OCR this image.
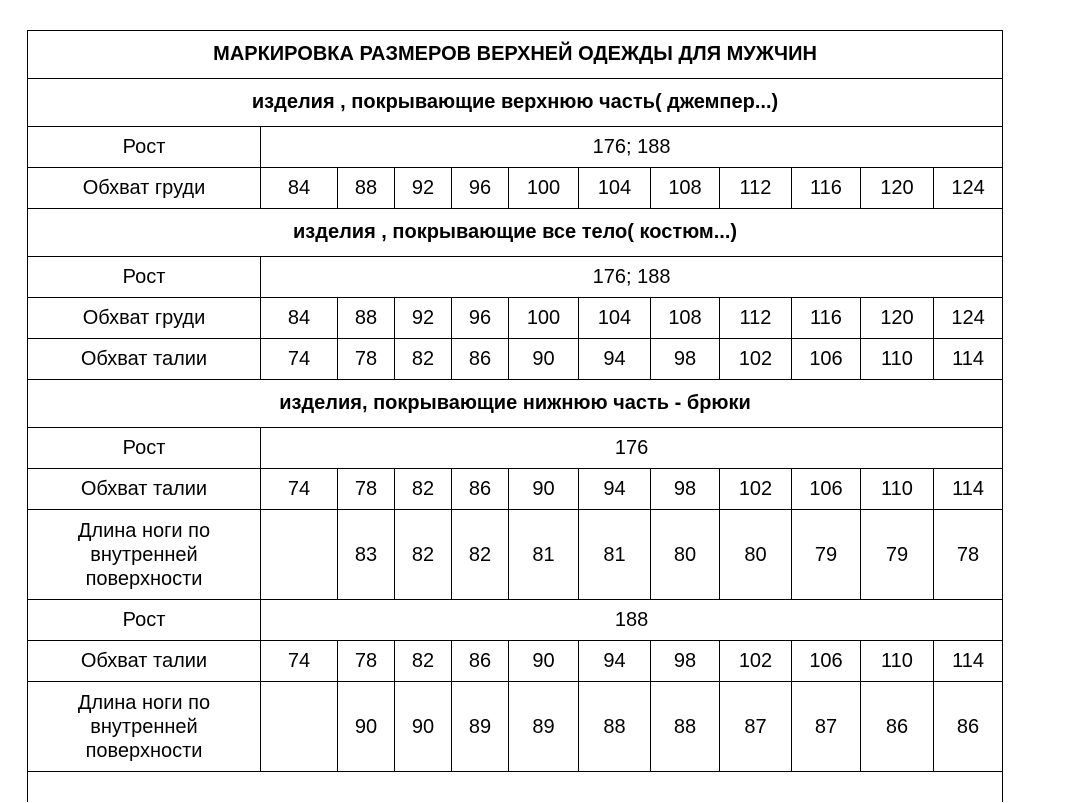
МАРКИРОВКА РАЗМЕРОВ ВЕРХНЕЙ ОДЕЖДЫ ДЛЯ МУЖЧИН											
изделия , покрывающие верхнюю часть( джемпер...)											
Рост	176; 188										
Обхват груди	84	88	92	96	100	104	108	112	116	120	124
изделия , покрывающие все тело( костюм...)											
Рост	176; 188										
Обхват груди	84	88	92	96	100	104	108	112	116	120	124
Обхват талии	74	78	82	86	90	94	98	102	106	110	114
изделия, покрывающие нижнюю часть - брюки											
Рост	176										
Обхват талии	74	78	82	86	90	94	98	102	106	110	114

Длина ноги по
внутренней
поверхности		83	82	82	81	81	80	80	79	79	78
Рост	188										
Обхват талии	74	78	82	86	90	94	98	102	106	110	114

Длина ноги по
внутренней
поверхности		90	90	89	89	88	88	87	87	86	86
